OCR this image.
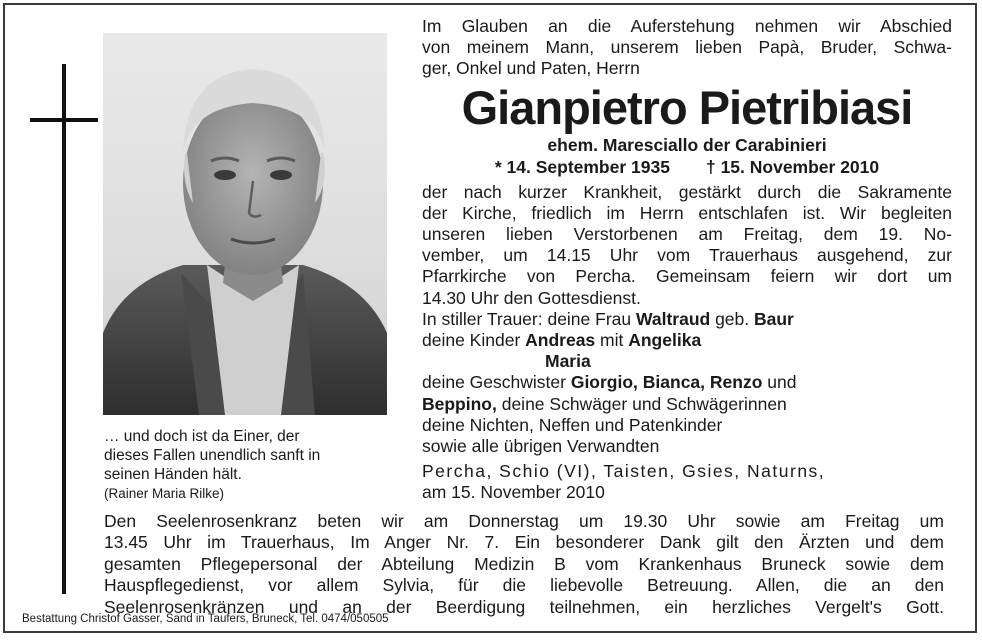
… und doch ist da Einer, der
dieses Fallen unendlich sanft in
seinen Händen hält.
(Rainer Maria Rilke)
Im Glauben an die Auferstehung nehmen wir Abschied
von meinem Mann, unserem lieben Papà, Bruder, Schwa-
ger, Onkel und Paten, Herrn
Gianpietro Pietribiasi
ehem. Maresciallo der Carabinieri
* 14. September 1935 † 15. November 2010
der nach kurzer Krankheit, gestärkt durch die Sakramente
der Kirche, friedlich im Herrn entschlafen ist. Wir begleiten
unseren lieben Verstorbenen am Freitag, dem 19. No-
vember, um 14.15 Uhr vom Trauerhaus ausgehend, zur
Pfarrkirche von Percha. Gemeinsam feiern wir dort um
14.30 Uhr den Gottesdienst.
In stiller Trauer: deine Frau Waltraud geb. Baur
deine Kinder Andreas mit Angelika
Maria
deine Geschwister Giorgio, Bianca, Renzo und
Beppino, deine Schwäger und Schwägerinnen
deine Nichten, Neffen und Patenkinder
sowie alle übrigen Verwandten
Percha, Schio (VI), Taisten, Gsies, Naturns,
am 15. November 2010
Den Seelenrosenkranz beten wir am Donnerstag um 19.30 Uhr sowie am Freitag um
13.45 Uhr im Trauerhaus, Im Anger Nr. 7. Ein besonderer Dank gilt den Ärzten und dem
gesamten Pflegepersonal der Abteilung Medizin B vom Krankenhaus Bruneck sowie dem
Hauspflegedienst, vor allem Sylvia, für die liebevolle Betreuung. Allen, die an den
Seelenrosenkränzen und an der Beerdigung teilnehmen, ein herzliches Vergelt's Gott.
Bestattung Christof Gasser, Sand in Taufers, Bruneck, Tel. 0474/050505
